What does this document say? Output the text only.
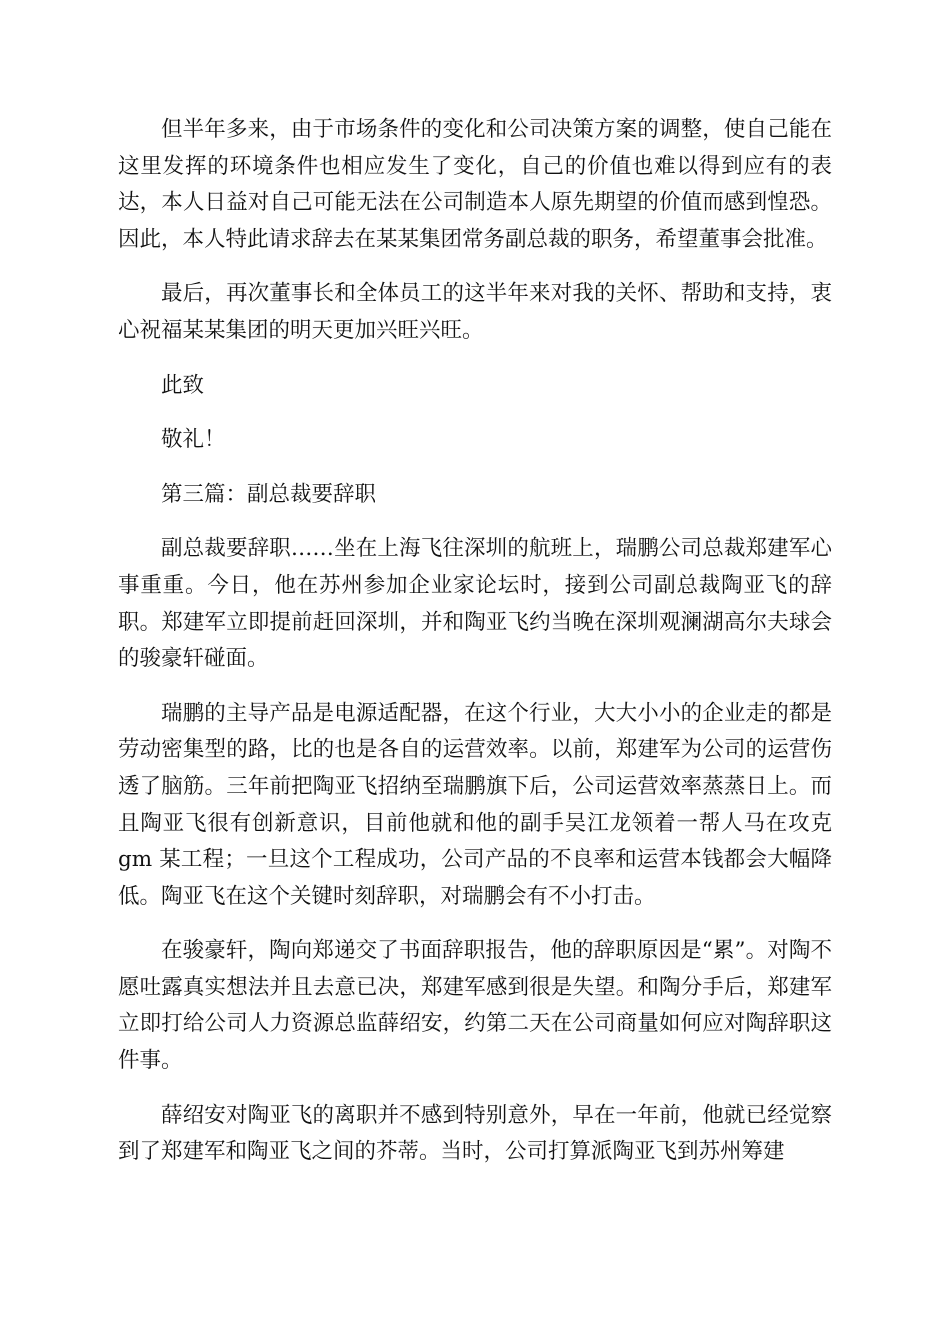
但半年多来，由于市场条件的变化和公司决策方案的调整，使自己能在这里发挥的环境条件也相应发生了变化，自己的价值也难以得到应有的表达，本人日益对自己可能无法在公司制造本人原先期望的价值而感到惶恐。因此，本人特此请求辞去在某某集团常务副总裁的职务，希望董事会批准。

最后，再次董事长和全体员工的这半年来对我的关怀、帮助和支持，衷心祝福某某集团的明天更加兴旺兴旺。

此致

敬礼！

第三篇：副总裁要辞职

副总裁要辞职……坐在上海飞往深圳的航班上，瑞鹏公司总裁郑建军心事重重。今日，他在苏州参加企业家论坛时，接到公司副总裁陶亚飞的辞职。郑建军立即提前赶回深圳，并和陶亚飞约当晚在深圳观澜湖高尔夫球会的骏豪轩碰面。

瑞鹏的主导产品是电源适配器，在这个行业，大大小小的企业走的都是劳动密集型的路，比的也是各自的运营效率。以前，郑建军为公司的运营伤透了脑筋。三年前把陶亚飞招纳至瑞鹏旗下后，公司运营效率蒸蒸日上。而且陶亚飞很有创新意识，目前他就和他的副手吴江龙领着一帮人马在攻克 gm 某工程；一旦这个工程成功，公司产品的不良率和运营本钱都会大幅降低。陶亚飞在这个关键时刻辞职，对瑞鹏会有不小打击。

在骏豪轩，陶向郑递交了书面辞职报告，他的辞职原因是“累”。对陶不愿吐露真实想法并且去意已决，郑建军感到很是失望。和陶分手后，郑建军立即打给公司人力资源总监薛绍安，约第二天在公司商量如何应对陶辞职这件事。

薛绍安对陶亚飞的离职并不感到特别意外，早在一年前，他就已经觉察到了郑建军和陶亚飞之间的芥蒂。当时，公司打算派陶亚飞到苏州筹建
